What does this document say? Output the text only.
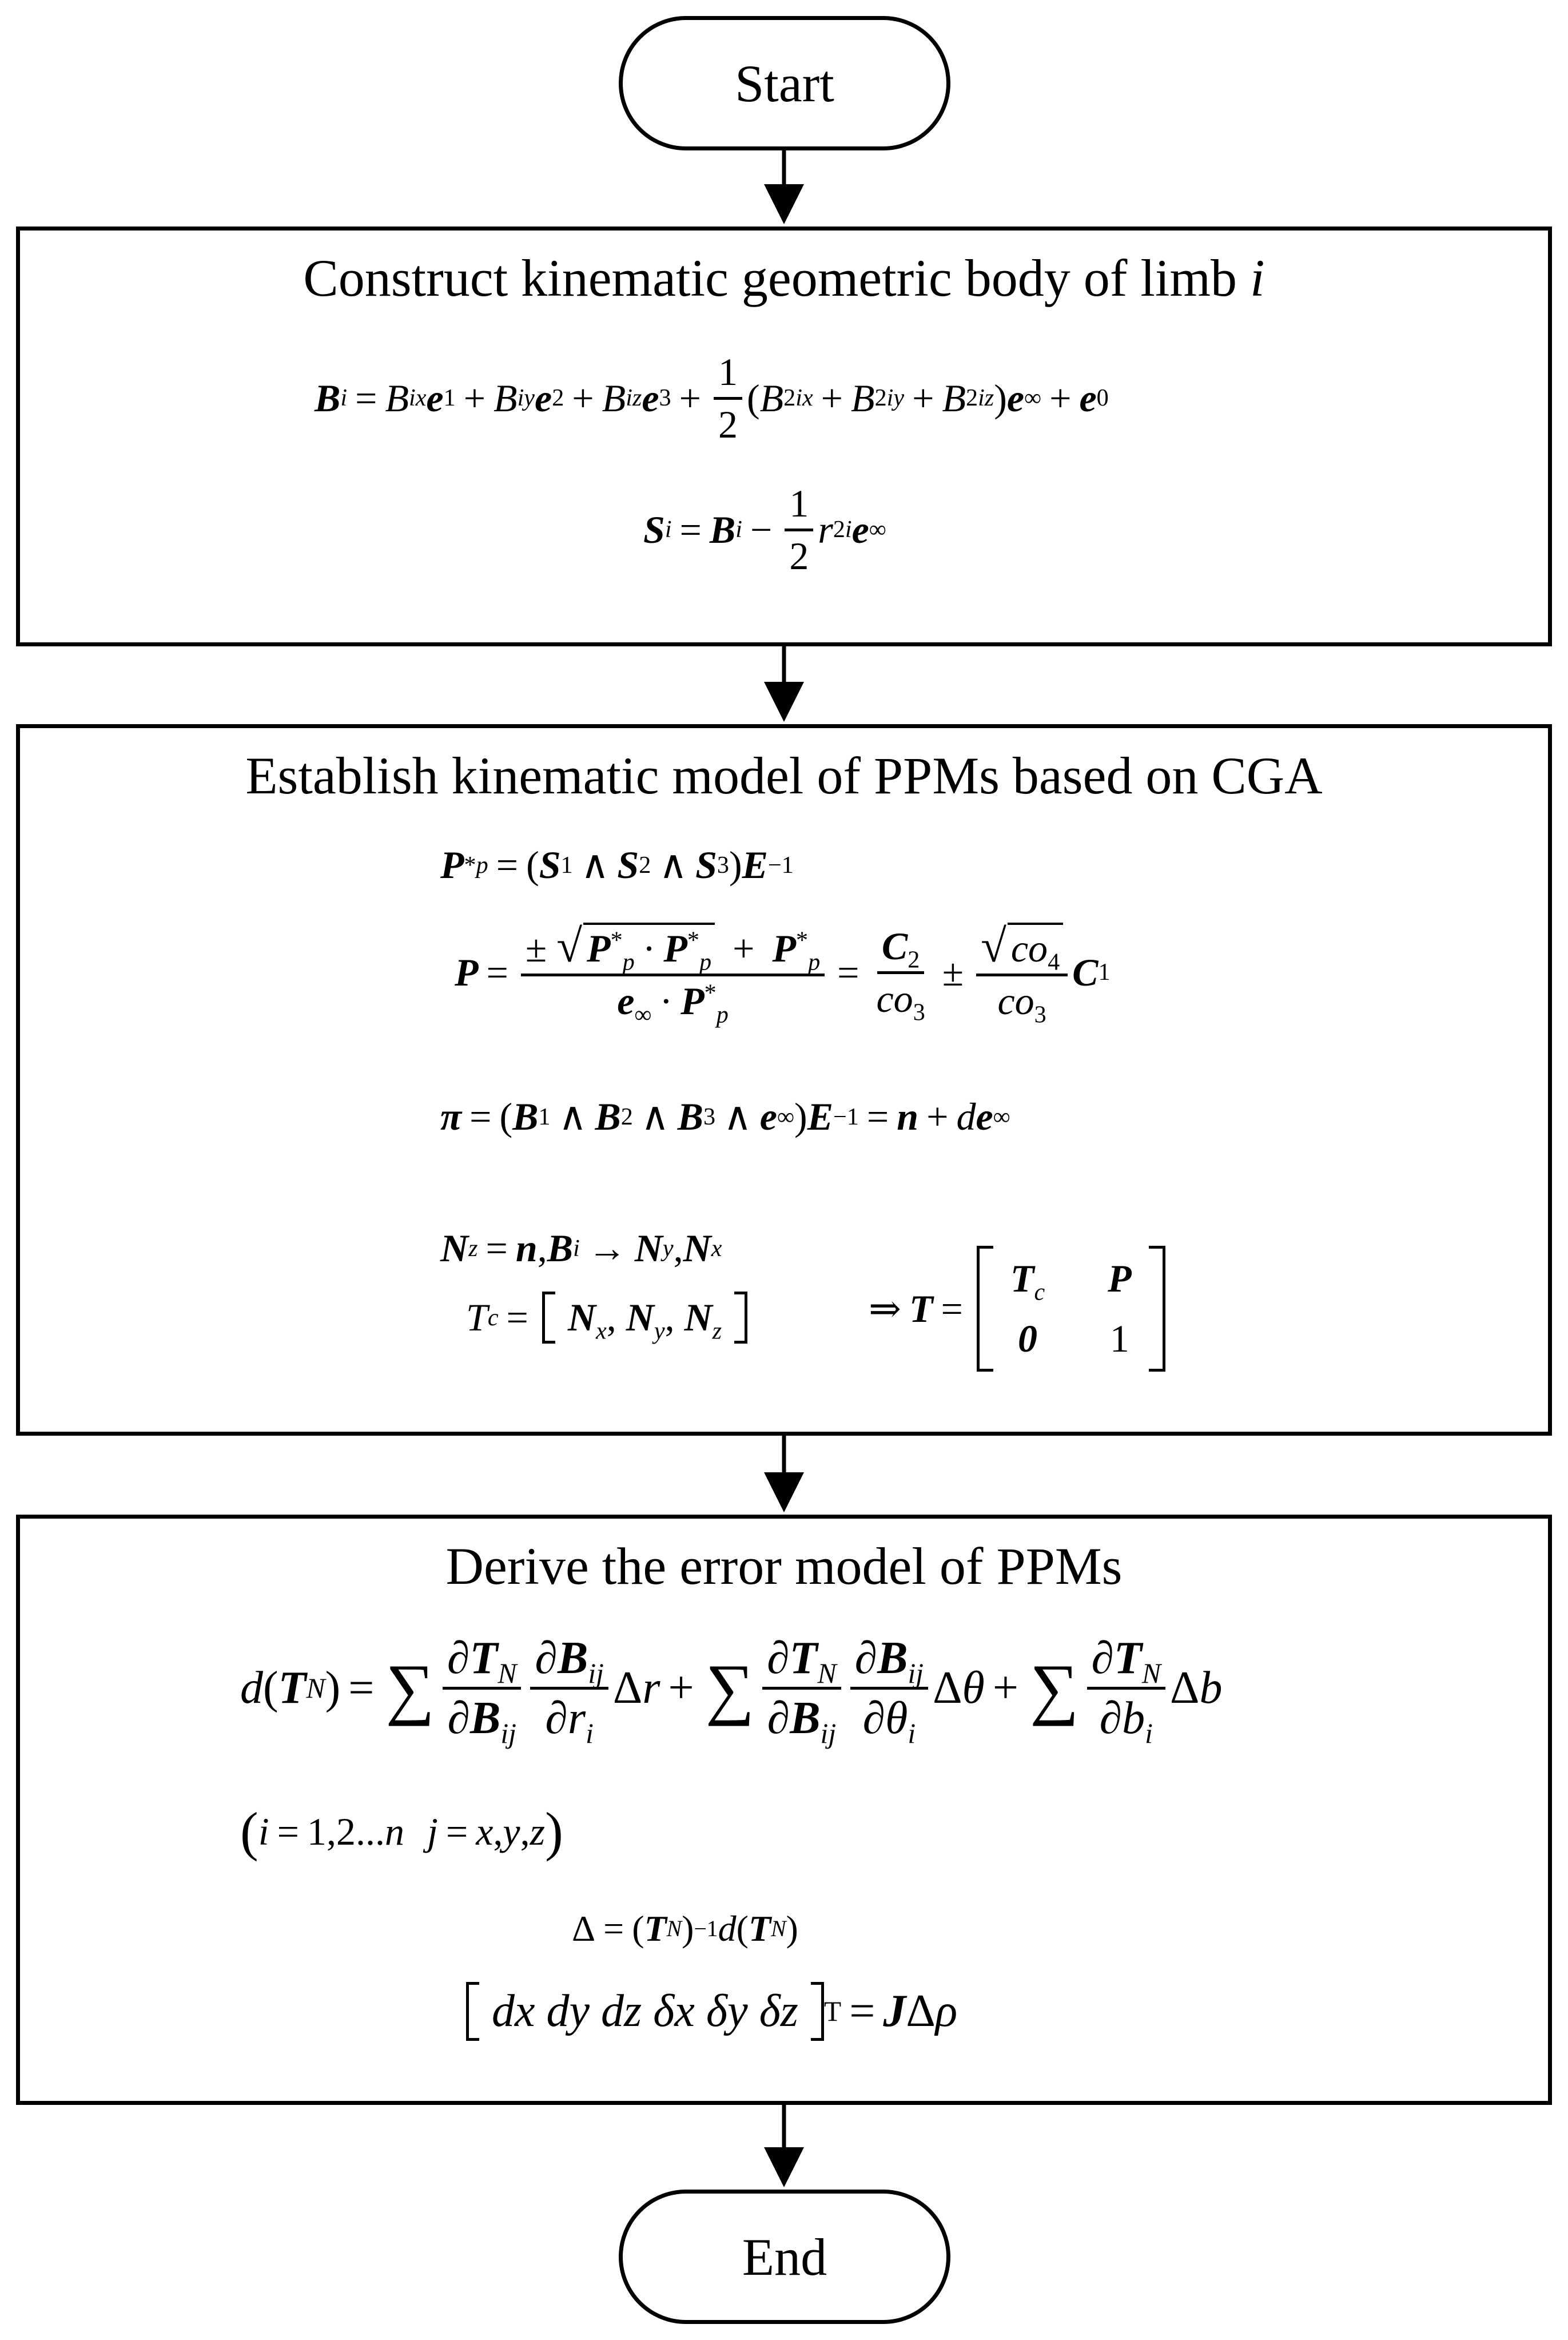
Start
Construct kinematic geometric body of limb i
B i = B ix e 1 + B iy e 2 + B iz e $3 + \frac{1}{2}$ ( B 2 ix + B 2 iy + B 2 iz ) e ∞ + e 0
S i = B $i - \frac{1}{2}$ r 2 i e ∞
Establish kinematic model of PPMs based on CGA
P * p = ( S 1 ∧ S 2 ∧ S 3 ) E −1
$P = \frac{\pm √ P^*_p \cdot P^*_p + P^*_p}{e_\infty \cdot P^*_p} = \frac{C_2}{co_3} \pm \frac{√ co_4}{co_3}$ C 1
π = ( B 1 ∧ B 2 ∧ B 3 ∧ e ∞ ) E −1 = n + d e ∞
N z = n , B i → N y , N x
T c =	$N_x$, $N_y$, $N_z$
⇒ T =
$T_c$ P
0 1
Derive the error model of PPMs
d ( T N ) = ∑ $\frac{\partial T_N}{\partial B_{ij}} \frac{\partial B_{ij}}{\partial r_i}$ Δ r + ∑ $\frac{\partial T_N}{\partial B_{ij}} \frac{\partial B_{ij}}{\partial\theta_i}$ Δ θ + ∑ $\frac{\partial T_N}{\partial b_i}$ Δ b
( i = 1,2... n j = x , y , z )
Δ = ( T N ) −1 d ( T N )
dx dy dz δx δy δz T = J Δ ρ
End
